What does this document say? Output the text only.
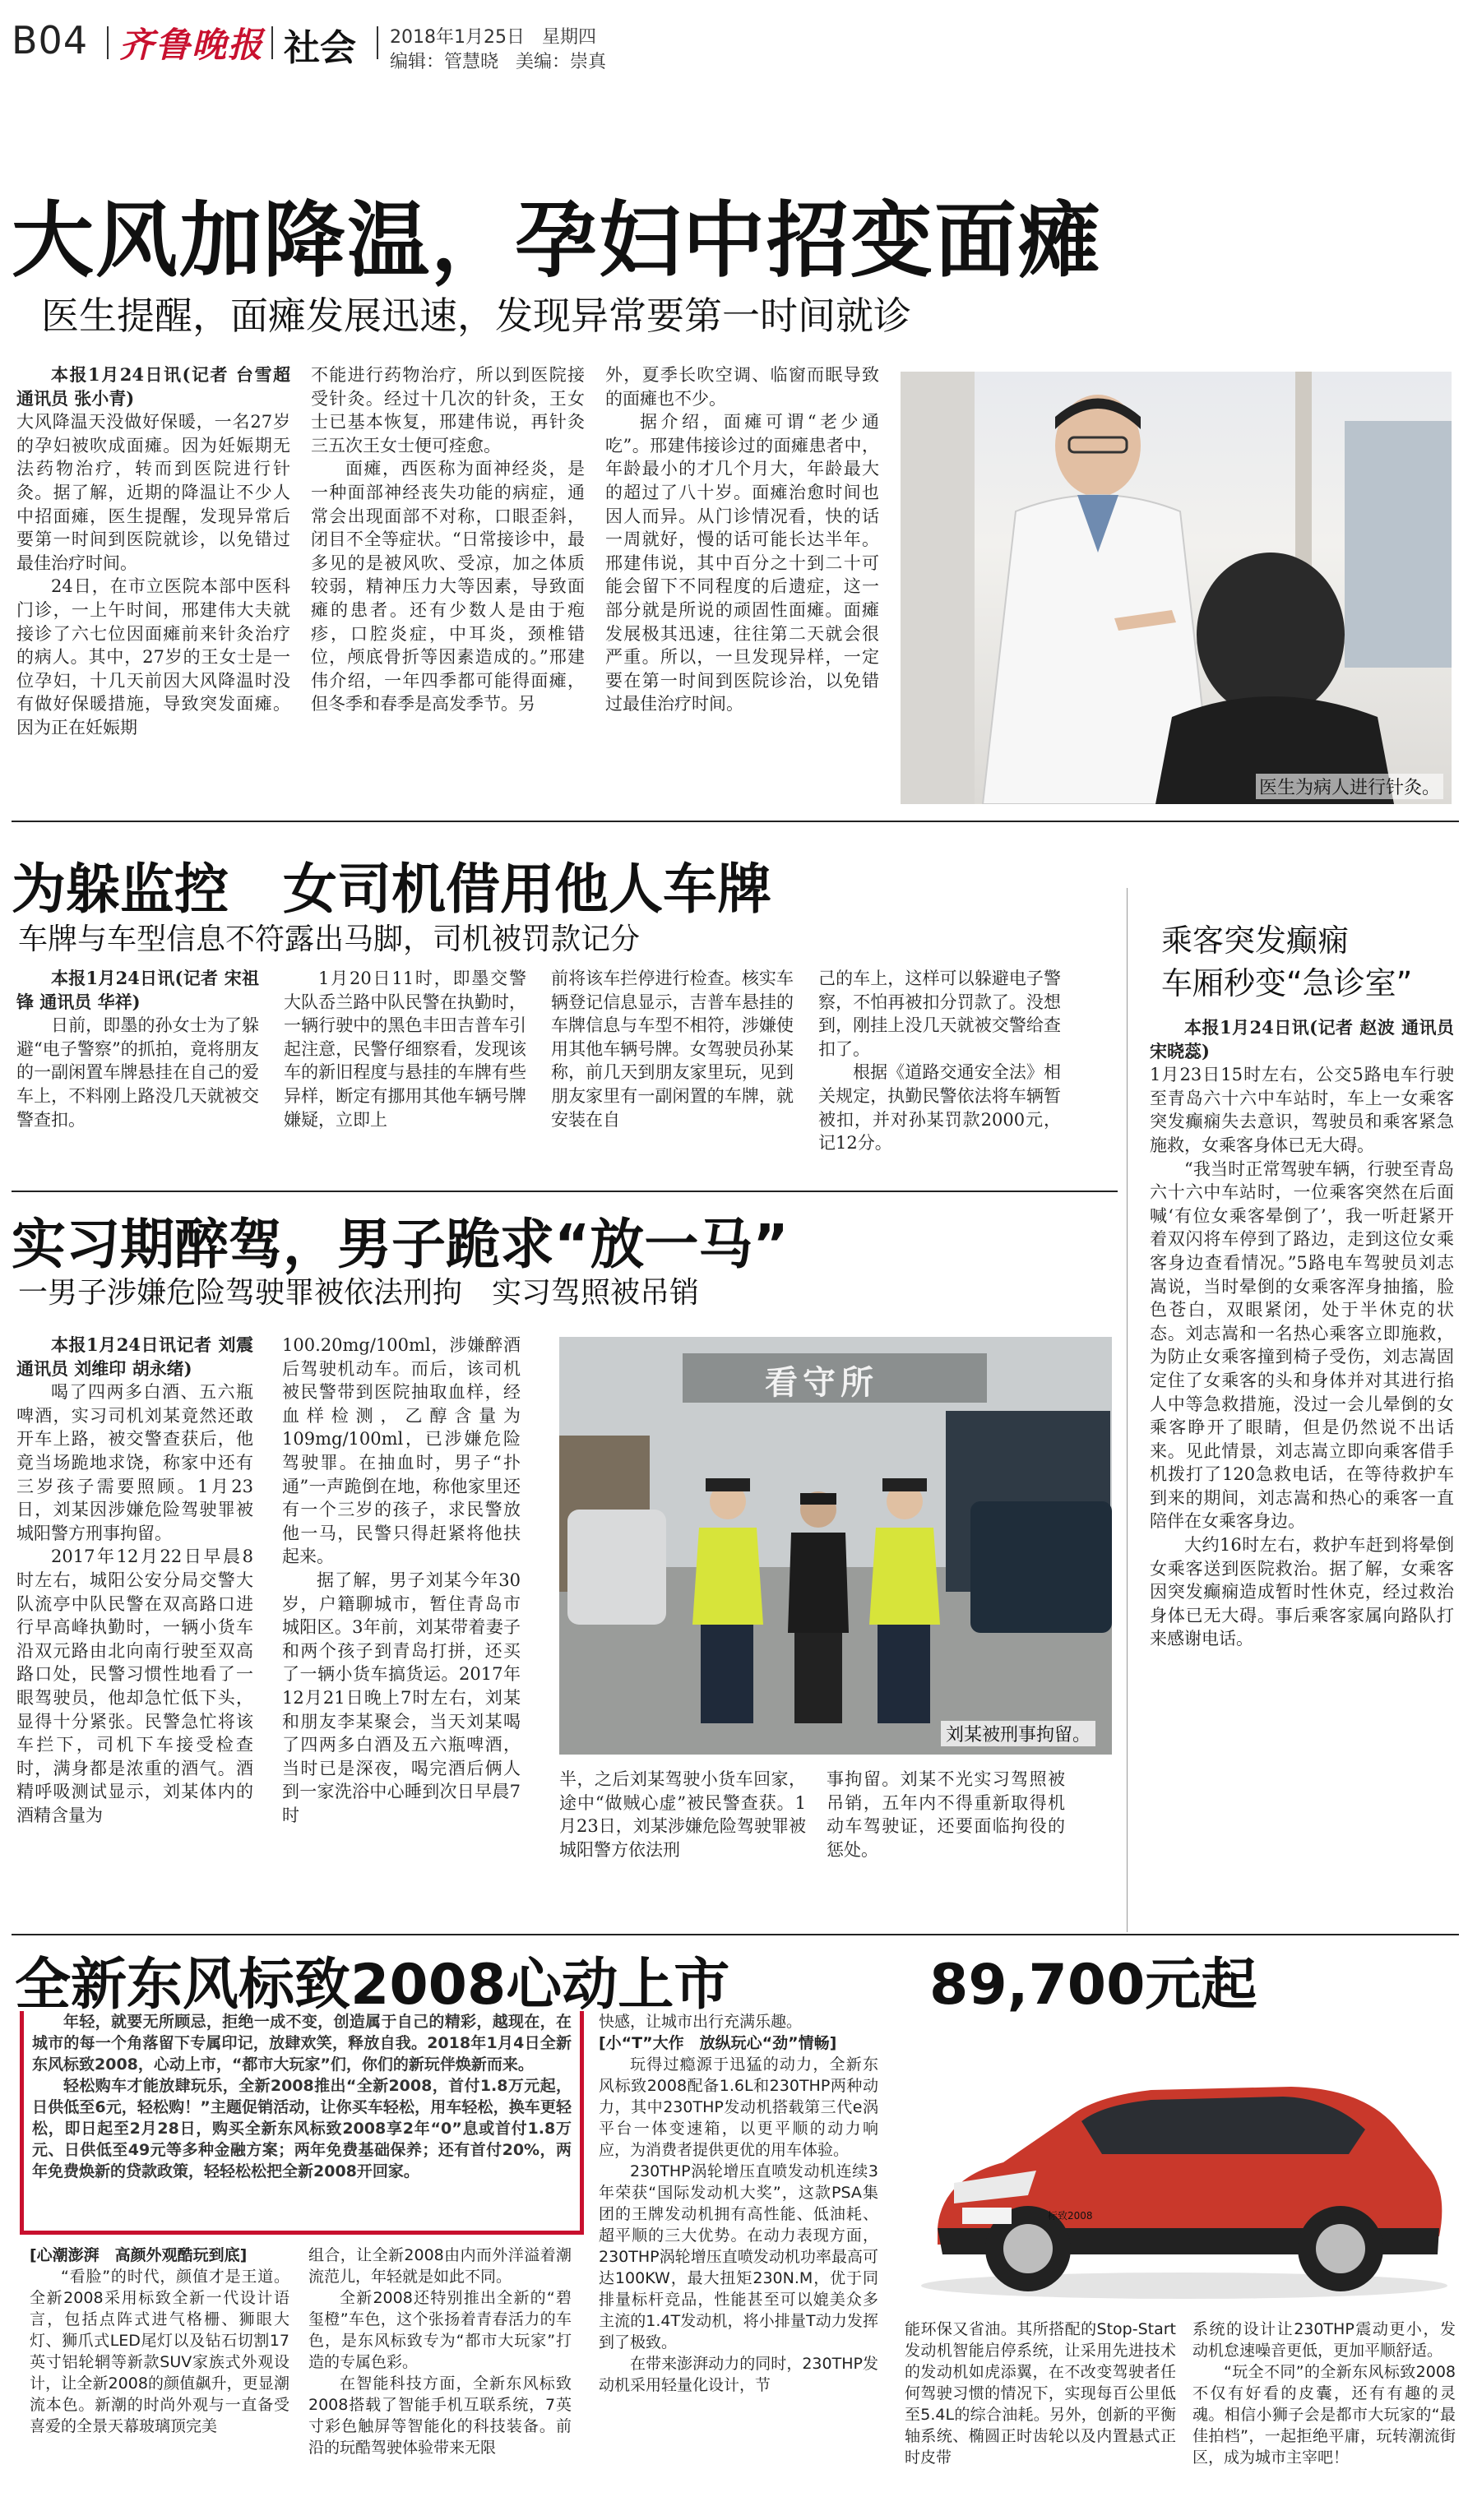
B04 齐鲁晚报 社会 2018年1月25日 星期四
编辑：管慧晓 美编：崇真
大风加降温，孕妇中招变面瘫
医生提醒，面瘫发展迅速，发现异常要第一时间就诊

本报1月24日讯(记者 台雪超 通讯员 张小青)

大风降温天没做好保暖，一名27岁的孕妇被吹成面瘫。因为妊娠期无法药物治疗，转而到医院进行针灸。据了解，近期的降温让不少人中招面瘫，医生提醒，发现异常后要第一时间到医院就诊，以免错过最佳治疗时间。

24日，在市立医院本部中医科门诊，一上午时间，邢建伟大夫就接诊了六七位因面瘫前来针灸治疗的病人。其中，27岁的王女士是一位孕妇，十几天前因大风降温时没有做好保暖措施，导致突发面瘫。因为正在妊娠期

不能进行药物治疗，所以到医院接受针灸。经过十几次的针灸，王女士已基本恢复，邢建伟说，再针灸三五次王女士便可痊愈。

面瘫，西医称为面神经炎，是一种面部神经丧失功能的病症，通常会出现面部不对称，口眼歪斜，闭目不全等症状。“日常接诊中，最多见的是被风吹、受凉，加之体质较弱，精神压力大等因素，导致面瘫的患者。还有少数人是由于疱疹，口腔炎症，中耳炎，颈椎错位，颅底骨折等因素造成的。”邢建伟介绍，一年四季都可能得面瘫，但冬季和春季是高发季节。另

外，夏季长吹空调、临窗而眠导致的面瘫也不少。

据介绍，面瘫可谓“老少通吃”。邢建伟接诊过的面瘫患者中，年龄最小的才几个月大，年龄最大的超过了八十岁。面瘫治愈时间也因人而异。从门诊情况看，快的话一周就好，慢的话可能长达半年。邢建伟说，其中百分之十到二十可能会留下不同程度的后遗症，这一部分就是所说的顽固性面瘫。面瘫发展极其迅速，往往第二天就会很严重。所以，一旦发现异样，一定要在第一时间到医院诊治，以免错过最佳治疗时间。

医生为病人进行针灸。
为躲监控　女司机借用他人车牌
车牌与车型信息不符露出马脚，司机被罚款记分

本报1月24日讯(记者 宋祖锋 通讯员 华祥)

日前，即墨的孙女士为了躲避“电子警察”的抓拍，竟将朋友的一副闲置车牌悬挂在自己的爱车上，不料刚上路没几天就被交警查扣。

1月20日11时，即墨交警大队岙兰路中队民警在执勤时，一辆行驶中的黑色丰田吉普车引起注意，民警仔细察看，发现该车的新旧程度与悬挂的车牌有些异样，断定有挪用其他车辆号牌嫌疑，立即上

前将该车拦停进行检查。核实车辆登记信息显示，吉普车悬挂的车牌信息与车型不相符，涉嫌使用其他车辆号牌。女驾驶员孙某称，前几天到朋友家里玩，见到朋友家里有一副闲置的车牌，就安装在自

己的车上，这样可以躲避电子警察，不怕再被扣分罚款了。没想到，刚挂上没几天就被交警给查扣了。

根据《道路交通安全法》相关规定，执勤民警依法将车辆暂被扣，并对孙某罚款2000元，记12分。

乘客突发癫痫
车厢秒变“急诊室”

本报1月24日讯(记者 赵波 通讯员 宋晓蕊)

1月23日15时左右，公交5路电车行驶至青岛六十六中车站时，车上一女乘客突发癫痫失去意识，驾驶员和乘客紧急施救，女乘客身体已无大碍。

“我当时正常驾驶车辆，行驶至青岛六十六中车站时，一位乘客突然在后面喊‘有位女乘客晕倒了’，我一听赶紧开着双闪将车停到了路边，走到这位女乘客身边查看情况。”5路电车驾驶员刘志嵩说，当时晕倒的女乘客浑身抽搐，脸色苍白，双眼紧闭，处于半休克的状态。刘志嵩和一名热心乘客立即施救，为防止女乘客撞到椅子受伤，刘志嵩固定住了女乘客的头和身体并对其进行掐人中等急救措施，没过一会儿晕倒的女乘客睁开了眼睛，但是仍然说不出话来。见此情景，刘志嵩立即向乘客借手机拨打了120急救电话，在等待救护车到来的期间，刘志嵩和热心的乘客一直陪伴在女乘客身边。

大约16时左右，救护车赶到将晕倒女乘客送到医院救治。据了解，女乘客因突发癫痫造成暂时性休克，经过救治身体已无大碍。事后乘客家属向路队打来感谢电话。

实习期醉驾，男子跪求“放一马”
一男子涉嫌危险驾驶罪被依法刑拘　实习驾照被吊销

本报1月24日讯记者 刘震 通讯员 刘维印 胡永绪)

喝了四两多白酒、五六瓶啤酒，实习司机刘某竟然还敢开车上路，被交警查获后，他竟当场跪地求饶，称家中还有三岁孩子需要照顾。1月23日，刘某因涉嫌危险驾驶罪被城阳警方刑事拘留。

2017年12月22日早晨8时左右，城阳公安分局交警大队流亭中队民警在双高路口进行早高峰执勤时，一辆小货车沿双元路由北向南行驶至双高路口处，民警习惯性地看了一眼驾驶员，他却急忙低下头，显得十分紧张。民警急忙将该车拦下，司机下车接受检查时，满身都是浓重的酒气。酒精呼吸测试显示，刘某体内的酒精含量为

100.20mg/100ml，涉嫌醉酒后驾驶机动车。而后，该司机被民警带到医院抽取血样，经血样检测，乙醇含量为109mg/100ml，已涉嫌危险驾驶罪。在抽血时，男子“扑通”一声跪倒在地，称他家里还有一个三岁的孩子，求民警放他一马，民警只得赶紧将他扶起来。

据了解，男子刘某今年30岁，户籍聊城市，暂住青岛市城阳区。3年前，刘某带着妻子和两个孩子到青岛打拼，还买了一辆小货车搞货运。2017年12月21日晚上7时左右，刘某和朋友李某聚会，当天刘某喝了四两多白酒及五六瓶啤酒，当时已是深夜，喝完酒后俩人到一家洗浴中心睡到次日早晨7时

看守所
刘某被刑事拘留。

半，之后刘某驾驶小货车回家，途中“做贼心虚”被民警查获。1月23日，刘某涉嫌危险驾驶罪被城阳警方依法刑

事拘留。刘某不光实习驾照被吊销，五年内不得重新取得机动车驾驶证，还要面临拘役的惩处。

全新东风标致2008心动上市	89,700元起

年轻，就要无所顾忌，拒绝一成不变，创造属于自己的精彩，越现在，在城市的每一个角落留下专属印记，放肆欢笑，释放自我。2018年1月4日全新东风标致2008，心动上市，“都市大玩家”们，你们的新玩伴焕新而来。

轻松购车才能放肆玩乐，全新2008推出“全新2008，首付1.8万元起，日供低至6元，轻松购！”主题促销活动，让你买车轻松，用车轻松，换车更轻松，即日起至2月28日，购买全新东风标致2008享2年“0”息或首付1.8万元、日供低至49元等多种金融方案；两年免费基础保养；还有首付20%，两年免费焕新的贷款政策，轻轻松松把全新2008开回家。

[心潮澎湃　高颜外观酷玩到底]

“看脸”的时代，颜值才是王道。全新2008采用标致全新一代设计语言，包括点阵式进气格栅、狮眼大灯、狮爪式LED尾灯以及钻石切割17英寸铝轮辋等新款SUV家族式外观设计，让全新2008的颜值飙升，更显潮流本色。新潮的时尚外观与一直备受喜爱的全景天幕玻璃顶完美

组合，让全新2008由内而外洋溢着潮流范儿，年轻就是如此不同。

全新2008还特别推出全新的“碧玺橙”车色，这个张扬着青春活力的车色，是东风标致专为“都市大玩家”打造的专属色彩。

在智能科技方面，全新东风标致2008搭载了智能手机互联系统，7英寸彩色触屏等智能化的科技装备。前沿的玩酷驾驶体验带来无限

快感，让城市出行充满乐趣。

[小“T”大作　放纵玩心“劲”情畅]

玩得过瘾源于迅猛的动力，全新东风标致2008配备1.6L和230THP两种动力，其中230THP发动机搭载第三代e涡平台一体变速箱，以更平顺的动力响应，为消费者提供更优的用车体验。

230THP涡轮增压直喷发动机连续3年荣获“国际发动机大奖”，这款PSA集团的王牌发动机拥有高性能、低油耗、超平顺的三大优势。在动力表现方面，230THP涡轮增压直喷发动机功率最高可达100KW，最大扭矩230N.M，优于同排量标杆竞品，性能甚至可以媲美众多主流的1.4T发动机，将小排量T动力发挥到了极致。

在带来澎湃动力的同时，230THP发动机采用轻量化设计，节

标致2008

能环保又省油。其所搭配的Stop-Start发动机智能启停系统，让采用先进技术的发动机如虎添翼，在不改变驾驶者任何驾驶习惯的情况下，实现每百公里低至5.4L的综合油耗。另外，创新的平衡轴系统、椭圆正时齿轮以及内置悬式正时皮带

系统的设计让230THP震动更小，发动机怠速噪音更低，更加平顺舒适。

“玩全不同”的全新东风标致2008不仅有好看的皮囊，还有有趣的灵魂。相信小狮子会是都市大玩家的“最佳拍档”，一起拒绝平庸，玩转潮流街区，成为城市主宰吧！
